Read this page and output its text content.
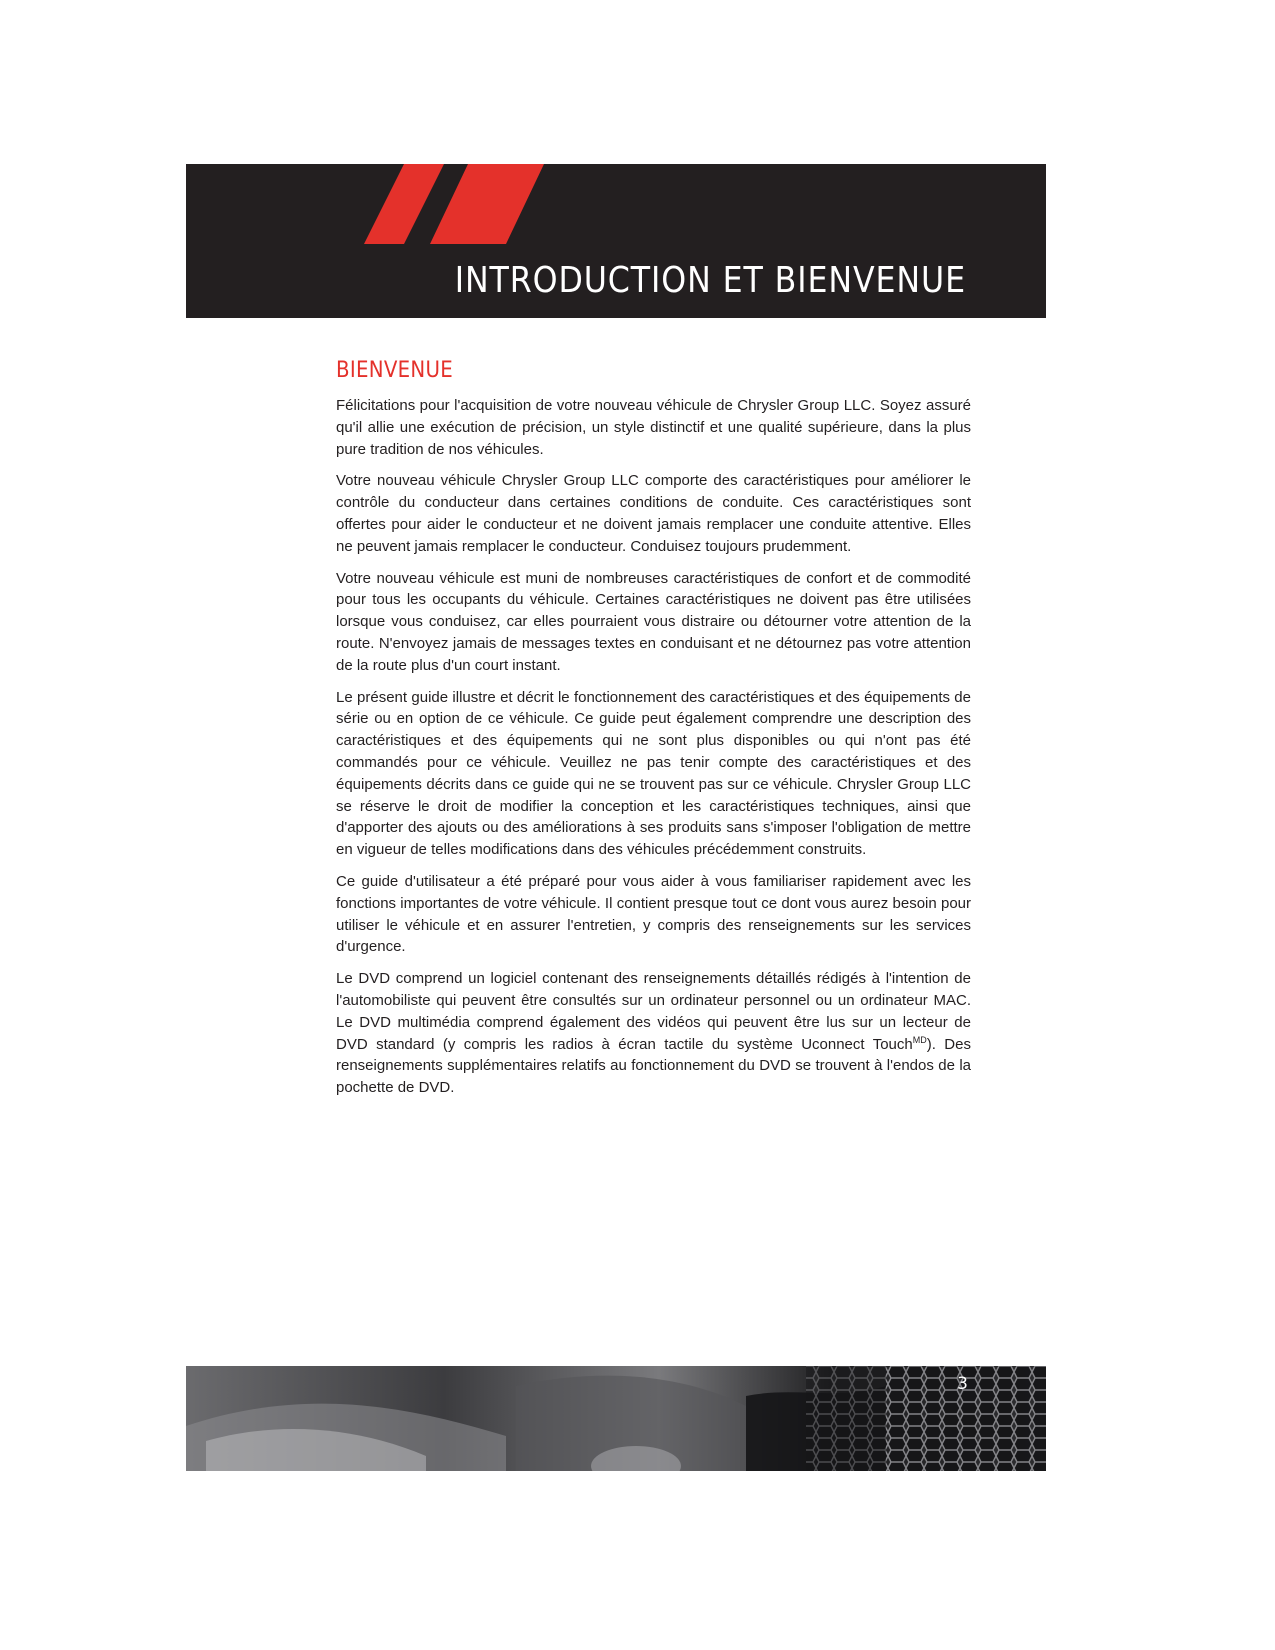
INTRODUCTION ET BIENVENUE
BIENVENUE

Félicitations pour l'acquisition de votre nouveau véhicule de Chrysler Group LLC. Soyez assuré qu'il allie une exécution de précision, un style distinctif et une qualité supérieure, dans la plus pure tradition de nos véhicules.

Votre nouveau véhicule Chrysler Group LLC comporte des caractéristiques pour améliorer le contrôle du conducteur dans certaines conditions de conduite. Ces caractéristiques sont offertes pour aider le conducteur et ne doivent jamais remplacer une conduite attentive. Elles ne peuvent jamais remplacer le conducteur. Conduisez toujours prudemment.

Votre nouveau véhicule est muni de nombreuses caractéristiques de confort et de commodité pour tous les occupants du véhicule. Certaines caractéristiques ne doivent pas être utilisées lorsque vous conduisez, car elles pourraient vous distraire ou détourner votre attention de la route. N'envoyez jamais de messages textes en conduisant et ne détournez pas votre attention de la route plus d'un court instant.

Le présent guide illustre et décrit le fonctionnement des caractéristiques et des équipements de série ou en option de ce véhicule. Ce guide peut également comprendre une description des caractéristiques et des équipements qui ne sont plus disponibles ou qui n'ont pas été commandés pour ce véhicule. Veuillez ne pas tenir compte des caractéristiques et des équipements décrits dans ce guide qui ne se trouvent pas sur ce véhicule. Chrysler Group LLC se réserve le droit de modifier la conception et les caractéristiques techniques, ainsi que d'apporter des ajouts ou des améliorations à ses produits sans s'imposer l'obligation de mettre en vigueur de telles modifications dans des véhicules précédemment construits.

Ce guide d'utilisateur a été préparé pour vous aider à vous familiariser rapidement avec les fonctions importantes de votre véhicule. Il contient presque tout ce dont vous aurez besoin pour utiliser le véhicule et en assurer l'entretien, y compris des renseignements sur les services d'urgence.

Le DVD comprend un logiciel contenant des renseignements détaillés rédigés à l'intention de l'automobiliste qui peuvent être consultés sur un ordinateur personnel ou un ordinateur MAC. Le DVD multimédia comprend également des vidéos qui peuvent être lus sur un lecteur de DVD standard (y compris les radios à écran tactile du système Uconnect Touch$^{MD}$). Des renseignements supplémentaires relatifs au fonctionnement du DVD se trouvent à l'endos de la pochette de DVD.

3
